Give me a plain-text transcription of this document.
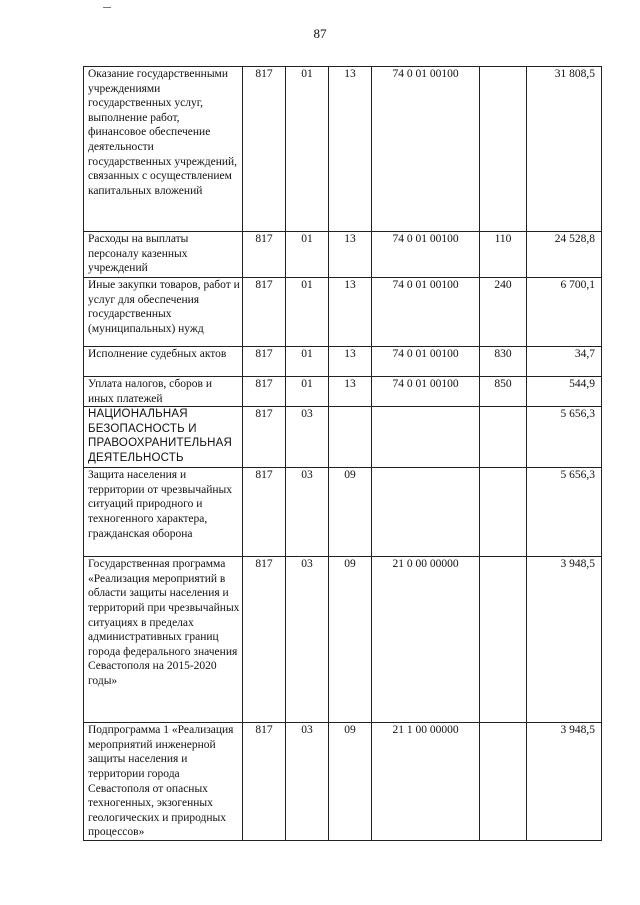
87
Оказание государственными учреждениями государственных услуг, выполнение работ, финансовое обеспечение деятельности государственных учреждений, связанных с осуществлением капитальных вложений	817	01	13	74 0 01 00100		31 808,5
Расходы на выплаты персоналу казенных учреждений	817	01	13	74 0 01 00100	110	24 528,8
Иные закупки товаров, работ и услуг для обеспечения государственных (муниципальных) нужд	817	01	13	74 0 01 00100	240	6 700,1
Исполнение судебных актов	817	01	13	74 0 01 00100	830	34,7
Уплата налогов, сборов и иных платежей	817	01	13	74 0 01 00100	850	544,9
НАЦИОНАЛЬНАЯ БЕЗОПАСНОСТЬ И ПРАВООХРАНИТЕЛЬНАЯ ДЕЯТЕЛЬНОСТЬ	817	03				5 656,3
Защита населения и территории от чрезвычайных ситуаций природного и техногенного характера, гражданская оборона	817	03	09			5 656,3
Государственная программа «Реализация мероприятий в области защиты населения и территорий при чрезвычайных ситуациях в пределах административных границ города федерального значения Севастополя на 2015-2020 годы»	817	03	09	21 0 00 00000		3 948,5
Подпрограмма 1 «Реализация мероприятий инженерной защиты населения и территории города Севастополя от опасных техногенных, экзогенных геологических и природных процессов»	817	03	09	21 1 00 00000		3 948,5
